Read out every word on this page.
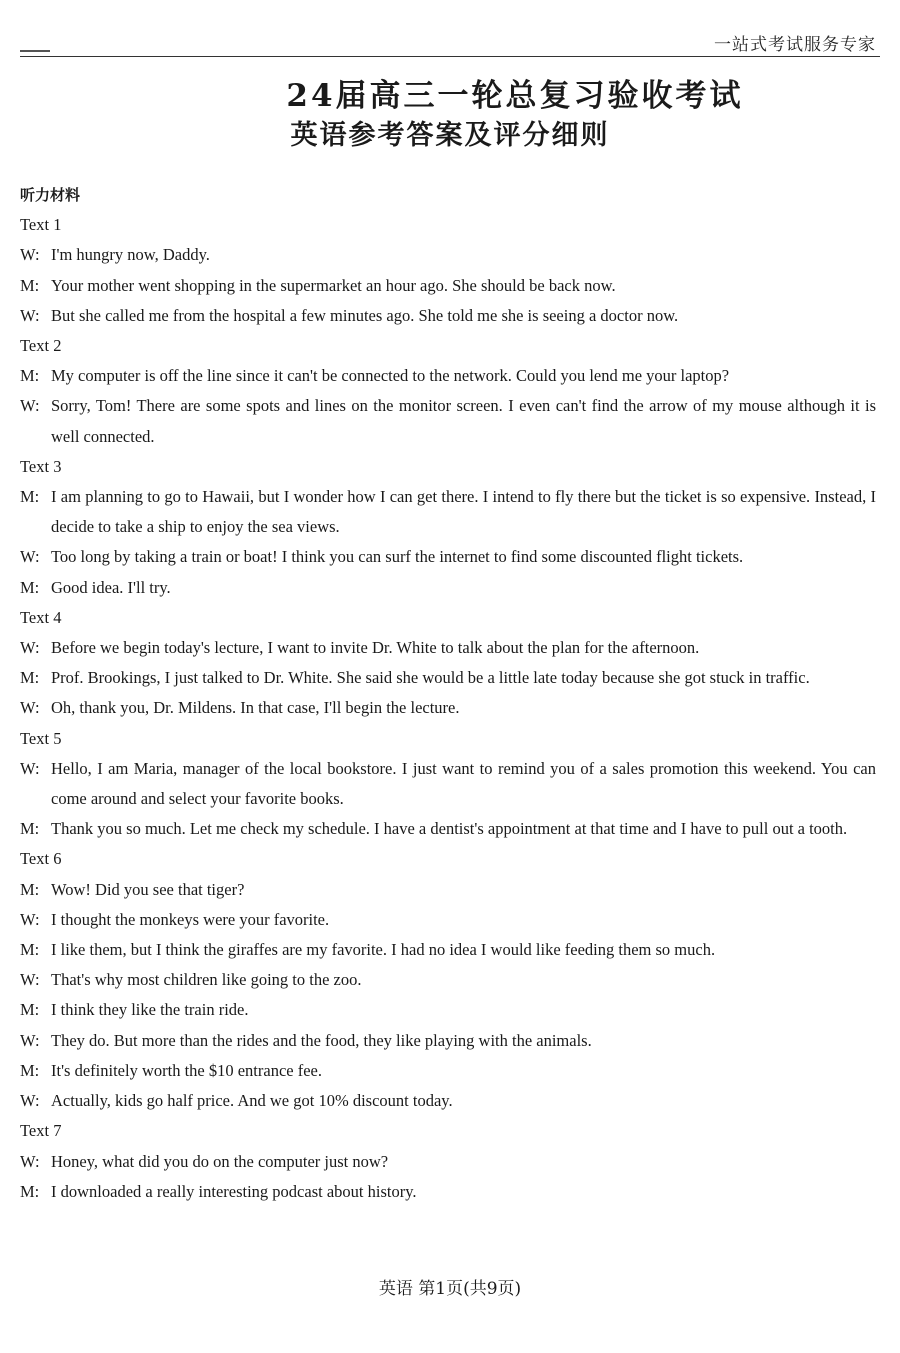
一站式考试服务专家
24届高三一轮总复习验收考试
英语参考答案及评分细则

听力材料

Text 1

W: I'm hungry now, Daddy.

M: Your mother went shopping in the supermarket an hour ago. She should be back now.

W: But she called me from the hospital a few minutes ago. She told me she is seeing a doctor now.

Text 2

M: My computer is off the line since it can't be connected to the network. Could you lend me your laptop?

W: Sorry, Tom! There are some spots and lines on the monitor screen. I even can't find the arrow of my mouse although it is well connected.

Text 3

M: I am planning to go to Hawaii, but I wonder how I can get there. I intend to fly there but the ticket is so expensive. Instead, I decide to take a ship to enjoy the sea views.

W: Too long by taking a train or boat! I think you can surf the internet to find some discounted flight tickets.

M: Good idea. I'll try.

Text 4

W: Before we begin today's lecture, I want to invite Dr. White to talk about the plan for the afternoon.

M: Prof. Brookings, I just talked to Dr. White. She said she would be a little late today because she got stuck in traffic.

W: Oh, thank you, Dr. Mildens. In that case, I'll begin the lecture.

Text 5

W: Hello, I am Maria, manager of the local bookstore. I just want to remind you of a sales promotion this weekend. You can come around and select your favorite books.

M: Thank you so much. Let me check my schedule. I have a dentist's appointment at that time and I have to pull out a tooth.

Text 6

M: Wow! Did you see that tiger?

W: I thought the monkeys were your favorite.

M: I like them, but I think the giraffes are my favorite. I had no idea I would like feeding them so much.

W: That's why most children like going to the zoo.

M: I think they like the train ride.

W: They do. But more than the rides and the food, they like playing with the animals.

M: It's definitely worth the $10 entrance fee.

W: Actually, kids go half price. And we got 10% discount today.

Text 7

W: Honey, what did you do on the computer just now?

M: I downloaded a really interesting podcast about history.

英语 第1页(共9页)
